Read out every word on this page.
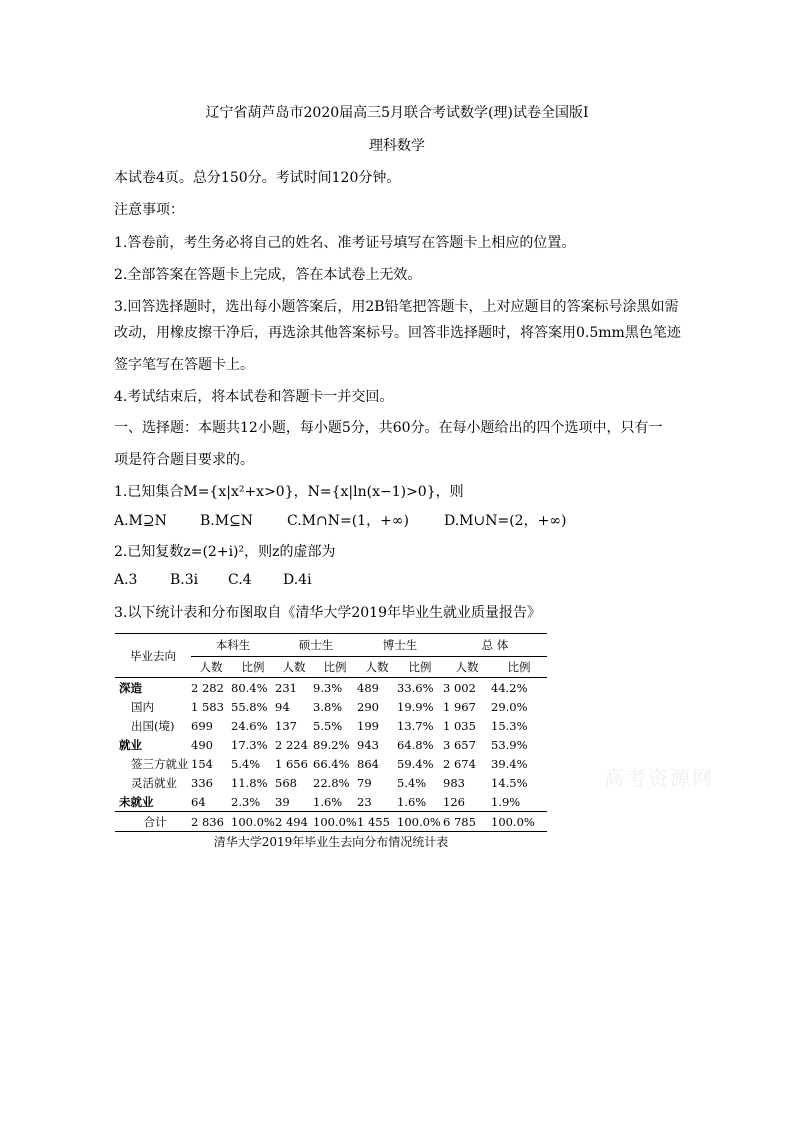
辽宁省葫芦岛市2020届高三5月联合考试数学(理)试卷全国版I
理科数学
本试卷4页。总分150分。考试时间120分钟。
注意事项：
1.答卷前，考生务必将自己的姓名、准考证号填写在答题卡上相应的位置。
2.全部答案在答题卡上完成，答在本试卷上无效。
3.回答选择题时，选出每小题答案后，用2B铅笔把答题卡，上对应题目的答案标号涂黑如需
改动，用橡皮擦干净后，再选涂其他答案标号。回答非选择题时，将答案用0.5mm黑色笔迹
签字笔写在答题卡上。
4.考试结束后，将本试卷和答题卡一并交回。
一、选择题：本题共12小题，每小题5分，共60分。在每小题给出的四个选项中，只有一
项是符合题目要求的。
1.已知集合M={x|x²+x>0}，N={x|ln(x−1)>0}，则
A.M⊇N B.M⊆N C.M∩N=(1，+∞)	D.M∪N=(2，+∞)
2.已知复数z=(2+i)²，则z的虚部为
A.3 B.3i C.4 D.4i
3.以下统计表和分布图取自《清华大学2019年毕业生就业质量报告》
毕业去向	本科生		硕士生		博士生		总 体	
	人数	比例	人数	比例	人数	比例	人数	比例
深造	2 282	80.4%	231	9.3%	489	33.6%	3 002	44.2%
国内	1 583	55.8%	94	3.8%	290	19.9%	1 967	29.0%
出国(境)	699	24.6%	137	5.5%	199	13.7%	1 035	15.3%
就业	490	17.3%	2 224	89.2%	943	64.8%	3 657	53.9%
签三方就业	154	5.4%	1 656	66.4%	864	59.4%	2 674	39.4%
灵活就业	336	11.8%	568	22.8%	79	5.4%	983	14.5%
未就业	64	2.3%	39	1.6%	23	1.6%	126	1.9%
合计	2 836	100.0%	2 494	100.0%	1 455	100.0%	6 785	100.0%
清华大学2019年毕业生去向分布情况统计表
高考资源网
